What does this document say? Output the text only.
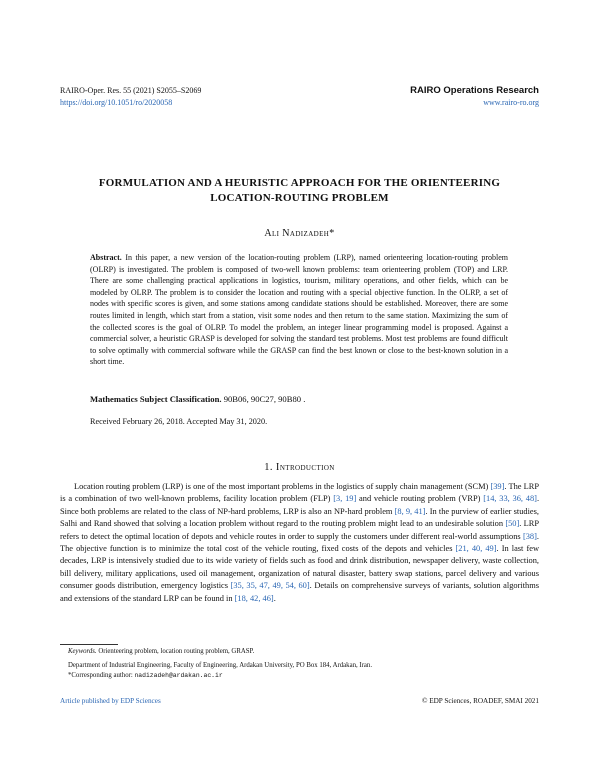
RAIRO-Oper. Res. 55 (2021) S2055–S2069
https://doi.org/10.1051/ro/2020058
RAIRO Operations Research
www.rairo-ro.org
FORMULATION AND A HEURISTIC APPROACH FOR THE ORIENTEERING
LOCATION-ROUTING PROBLEM
Ali Nadizadeh*
Abstract. In this paper, a new version of the location-routing problem (LRP), named orienteering location-routing problem (OLRP) is investigated. The problem is composed of two-well known problems: team orienteering problem (TOP) and LRP. There are some challenging practical applications in logistics, tourism, military operations, and other fields, which can be modeled by OLRP. The problem is to consider the location and routing with a special objective function. In the OLRP, a set of nodes with specific scores is given, and some stations among candidate stations should be established. Moreover, there are some routes limited in length, which start from a station, visit some nodes and then return to the same station. Maximizing the sum of the collected scores is the goal of OLRP. To model the problem, an integer linear programming model is proposed. Against a commercial solver, a heuristic GRASP is developed for solving the standard test problems. Most test problems are found difficult to solve optimally with commercial software while the GRASP can find the best known or close to the best-known solution in a short time.
Mathematics Subject Classification. 90B06, 90C27, 90B80 .
Received February 26, 2018. Accepted May 31, 2020.
1. Introduction
Location routing problem (LRP) is one of the most important problems in the logistics of supply chain management (SCM) [39]. The LRP is a combination of two well-known problems, facility location problem (FLP) [3, 19] and vehicle routing problem (VRP) [14, 33, 36, 48]. Since both problems are related to the class of NP-hard problems, LRP is also an NP-hard problem [8, 9, 41]. In the purview of earlier studies, Salhi and Rand showed that solving a location problem without regard to the routing problem might lead to an undesirable solution [50]. LRP refers to detect the optimal location of depots and vehicle routes in order to supply the customers under different real-world assumptions [38]. The objective function is to minimize the total cost of the vehicle routing, fixed costs of the depots and vehicles [21, 40, 49]. In last few decades, LRP is intensively studied due to its wide variety of fields such as food and drink distribution, newspaper delivery, waste collection, bill delivery, military applications, used oil management, organization of natural disaster, battery swap stations, parcel delivery and various consumer goods distribution, emergency logistics [35, 35, 47, 49, 54, 60]. Details on comprehensive surveys of variants, solution algorithms and extensions of the standard LRP can be found in [18, 42, 46].

Keywords. Orienteering problem, location routing problem, GRASP.

Department of Industrial Engineering, Faculty of Engineering, Ardakan University, PO Box 184, Ardakan, Iran.

*Corresponding author: nadizadeh@ardakan.ac.ir

Article published by EDP Sciences	© EDP Sciences, ROADEF, SMAI 2021
